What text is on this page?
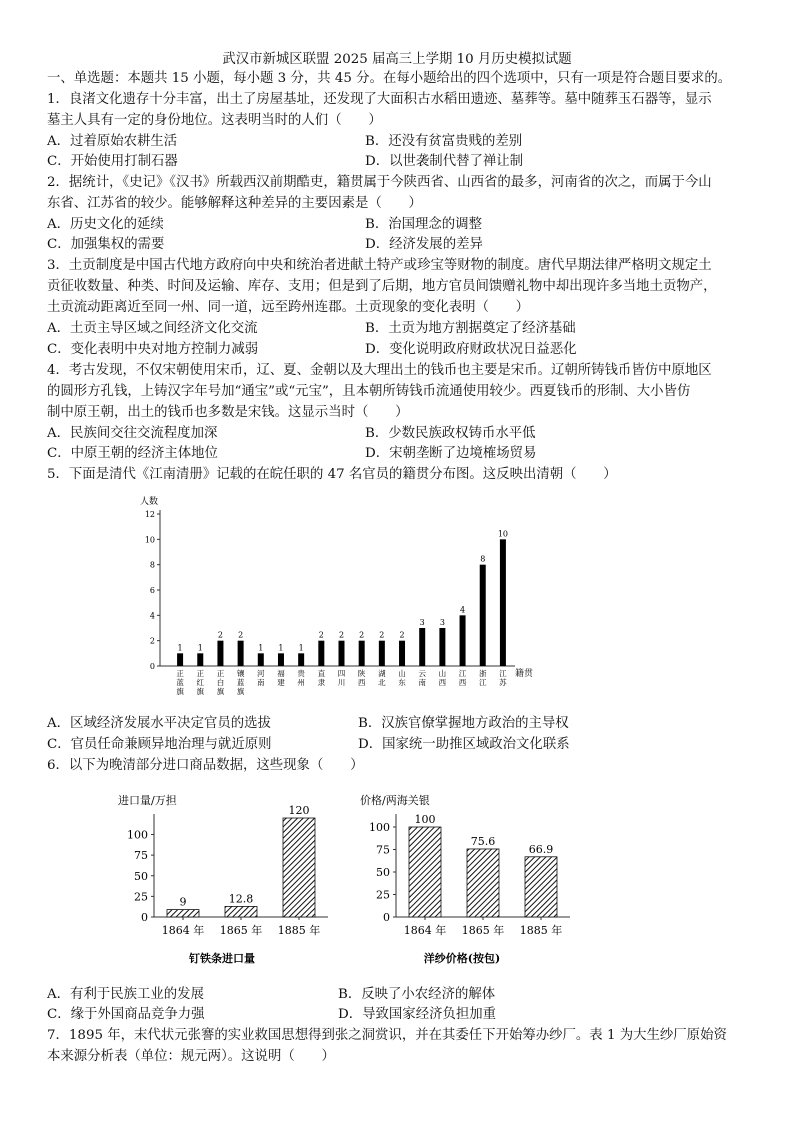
武汉市新城区联盟 2025 届高三上学期 10 月历史模拟试题
一、单选题：本题共 15 小题，每小题 3 分，共 45 分。在每小题给出的四个选项中，只有一项是符合题目要求的。
1．良渚文化遗存十分丰富，出土了房屋基址，还发现了大面积古水稻田遗迹、墓葬等。墓中随葬玉石器等，显示
墓主人具有一定的身份地位。这表明当时的人们（　　）
A．过着原始农耕生活	B．还没有贫富贵贱的差别
C．开始使用打制石器	D．以世袭制代替了禅让制
2．据统计，《史记》《汉书》所载西汉前期酷吏，籍贯属于今陕西省、山西省的最多，河南省的次之，而属于今山
东省、江苏省的较少。能够解释这种差异的主要因素是（　　）
A．历史文化的延续	B．治国理念的调整
C．加强集权的需要	D．经济发展的差异
3．土贡制度是中国古代地方政府向中央和统治者进献土特产或珍宝等财物的制度。唐代早期法律严格明文规定土
贡征收数量、种类、时间及运输、库存、支用；但是到了后期，地方官员间馈赠礼物中却出现许多当地土贡物产，
土贡流动距离近至同一州、同一道，远至跨州连郡。土贡现象的变化表明（　　）
A．土贡主导区域之间经济文化交流	B．土贡为地方割据奠定了经济基础
C．变化表明中央对地方控制力减弱	D．变化说明政府财政状况日益恶化
4．考古发现，不仅宋朝使用宋币，辽、夏、金朝以及大理出土的钱币也主要是宋币。辽朝所铸钱币皆仿中原地区
的圆形方孔钱，上铸汉字年号加“通宝”或“元宝”，且本朝所铸钱币流通使用较少。西夏钱币的形制、大小皆仿
制中原王朝，出土的钱币也多数是宋钱。这显示当时（　　）
A．民族间交往交流程度加深	B．少数民族政权铸币水平低
C．中原王朝的经济主体地位	D．宋朝垄断了边境榷场贸易
5．下面是清代《江南清册》记载的在皖任职的 47 名官员的籍贯分布图。这反映出清朝（　　）
人数
籍贯
0
2
4
6
8
10
12
1
正蓝旗
1
正红旗
2
正白旗
2
镶蓝旗
1
河南
1
福建
1
贵州
2
直隶
2
四川
2
陕西
2
湖北
2
山东
3
云南
3
山西
4
江西
8
浙江
10
江苏
A．区域经济发展水平决定官员的选拔	B．汉族官僚掌握地方政治的主导权
C．官员任命兼顾异地治理与就近原则	D．国家统一助推区域政治文化联系
6．以下为晚清部分进口商品数据，这些现象（　　）
进口量/万担
钉铁条进口量
0
25
50
75
100
9
1864 年
12.8
1865 年
120
1885 年
价格/两海关银
洋纱价格(按包)
0
25
50
75
100
100
1864 年
75.6
1865 年
66.9
1885 年
A．有利于民族工业的发展	B．反映了小农经济的解体
C．缘于外国商品竞争力强	D．导致国家经济负担加重
7．1895 年，末代状元张謇的实业救国思想得到张之洞赏识，并在其委任下开始筹办纱厂。表 1 为大生纱厂原始资
本来源分析表（单位：规元两）。这说明（　　）
